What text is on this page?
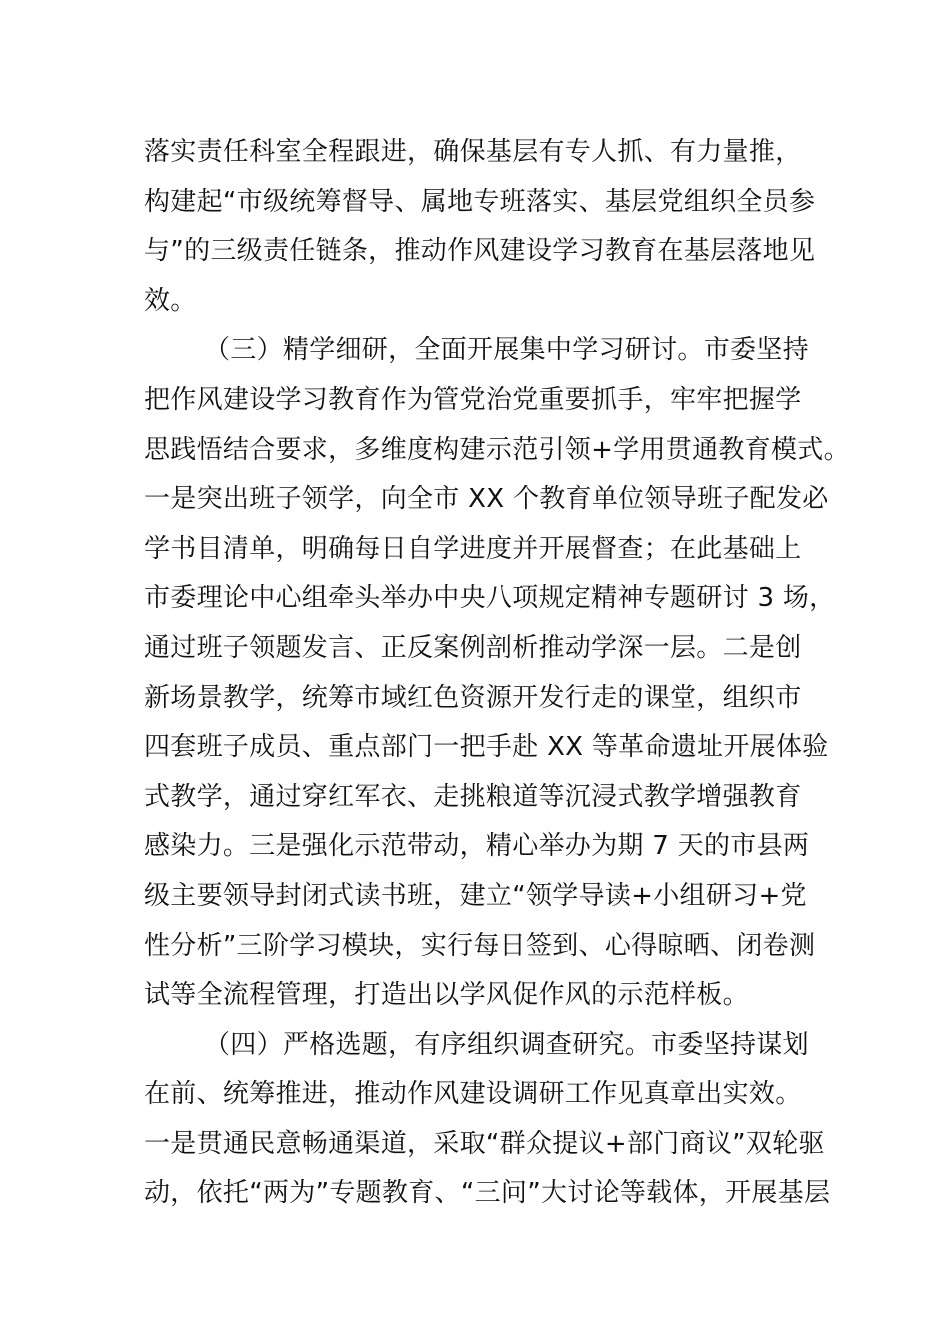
落实责任科室全程跟进，确保基层有专人抓、有力量推，
构建起“市级统筹督导、属地专班落实、基层党组织全员参
与”的三级责任链条，推动作风建设学习教育在基层落地见
效。
（三）精学细研，全面开展集中学习研讨。市委坚持
把作风建设学习教育作为管党治党重要抓手，牢牢把握学
思践悟结合要求，多维度构建示范引领+学用贯通教育模式。
一是突出班子领学，向全市 XX 个教育单位领导班子配发必
学书目清单，明确每日自学进度并开展督查；在此基础上
市委理论中心组牵头举办中央八项规定精神专题研讨 3 场，
通过班子领题发言、正反案例剖析推动学深一层。二是创
新场景教学，统筹市域红色资源开发行走的课堂，组织市
四套班子成员、重点部门一把手赴 XX 等革命遗址开展体验
式教学，通过穿红军衣、走挑粮道等沉浸式教学增强教育
感染力。三是强化示范带动，精心举办为期 7 天的市县两
级主要领导封闭式读书班，建立“领学导读+小组研习+党
性分析”三阶学习模块，实行每日签到、心得晾晒、闭卷测
试等全流程管理，打造出以学风促作风的示范样板。
（四）严格选题，有序组织调查研究。市委坚持谋划
在前、统筹推进，推动作风建设调研工作见真章出实效。
一是贯通民意畅通渠道，采取“群众提议+部门商议”双轮驱
动，依托“两为”专题教育、“三问”大讨论等载体，开展基层
